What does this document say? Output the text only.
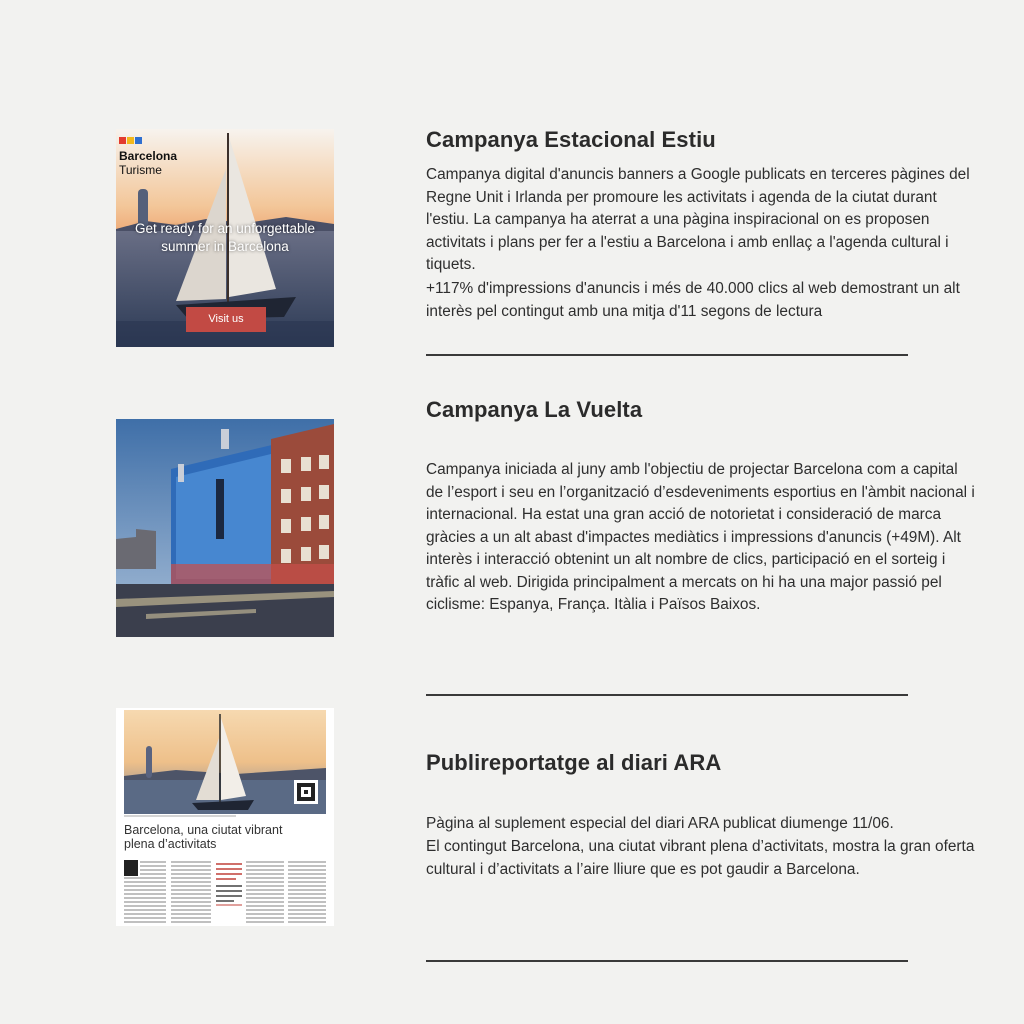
Barcelona
Turisme
Get ready for an unforgettable
summer in Barcelona
Visit us
Campanya Estacional Estiu

Campanya digital d'anuncis banners a Google publicats en terceres pàgines del Regne Unit i Irlanda per promoure les activitats i agenda de la ciutat durant l'estiu. La campanya ha aterrat a una pàgina inspiracional on es proposen activitats i plans per fer a l'estiu a Barcelona i amb enllaç a l'agenda cultural i tiquets.

+117% d'impressions d'anuncis i més de 40.000 clics al web demostrant un alt interès pel contingut amb una mitja d'11 segons de lectura

Campanya La Vuelta

Campanya iniciada al juny amb l'objectiu de projectar Barcelona com a capital de l’esport i seu en l’organització d’esdeveniments esportius en l'àmbit nacional i internacional. Ha estat una gran acció de notorietat i consideració de marca gràcies a un alt abast d'impactes mediàtics i impressions d'anuncis (+49M). Alt interès i interacció obtenint un alt nombre de clics, participació en el sorteig i tràfic al web. Dirigida principalment a mercats on hi ha una major passió pel ciclisme: Espanya, França. Itàlia i Països Baixos.

Barcelona, una ciutat vibrant
plena d’activitats
Publireportatge al diari ARA

Pàgina al suplement especial del diari ARA publicat diumenge 11/06.

El contingut Barcelona, una ciutat vibrant plena d’activitats, mostra la gran oferta cultural i d’activitats a l’aire lliure que es pot gaudir a Barcelona.
